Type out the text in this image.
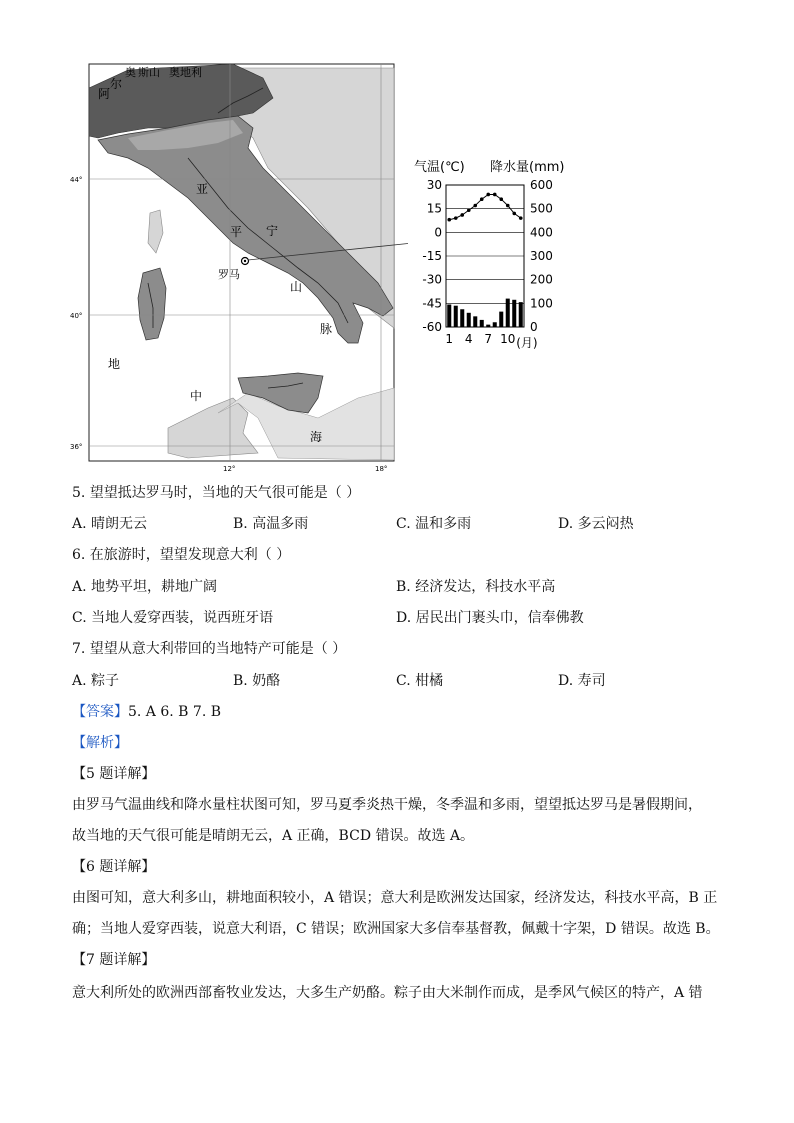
阿
尔
奥 斯山 奥地利
亚
平 宁
山
脉
罗马
地
中
海
44°
40°
36°
12°	18°
气温(℃) 降水量(mm)
30	600
15	500
0	400
-15	300
-30	200
-45	100
-60	0
1 4 7 10 (月)
5. 望望抵达罗马时，当地的天气很可能是（ ）
A. 晴朗无云	B. 高温多雨	C. 温和多雨	D. 多云闷热
6. 在旅游时，望望发现意大利（ ）
A. 地势平坦，耕地广阔	B. 经济发达，科技水平高
C. 当地人爱穿西装，说西班牙语	D. 居民出门裹头巾，信奉佛教
7. 望望从意大利带回的当地特产可能是（ ）
A. 粽子	B. 奶酪	C. 柑橘	D. 寿司
【答案】5. A 6. B 7. B
【解析】
【5 题详解】
由罗马气温曲线和降水量柱状图可知，罗马夏季炎热干燥，冬季温和多雨，望望抵达罗马是暑假期间，
故当地的天气很可能是晴朗无云，A 正确，BCD 错误。故选 A。
【6 题详解】
由图可知，意大利多山，耕地面积较小，A 错误；意大利是欧洲发达国家，经济发达，科技水平高，B 正
确；当地人爱穿西装，说意大利语，C 错误；欧洲国家大多信奉基督教，佩戴十字架，D 错误。故选 B。
【7 题详解】
意大利所处的欧洲西部畜牧业发达，大多生产奶酪。粽子由大米制作而成，是季风气候区的特产，A 错
